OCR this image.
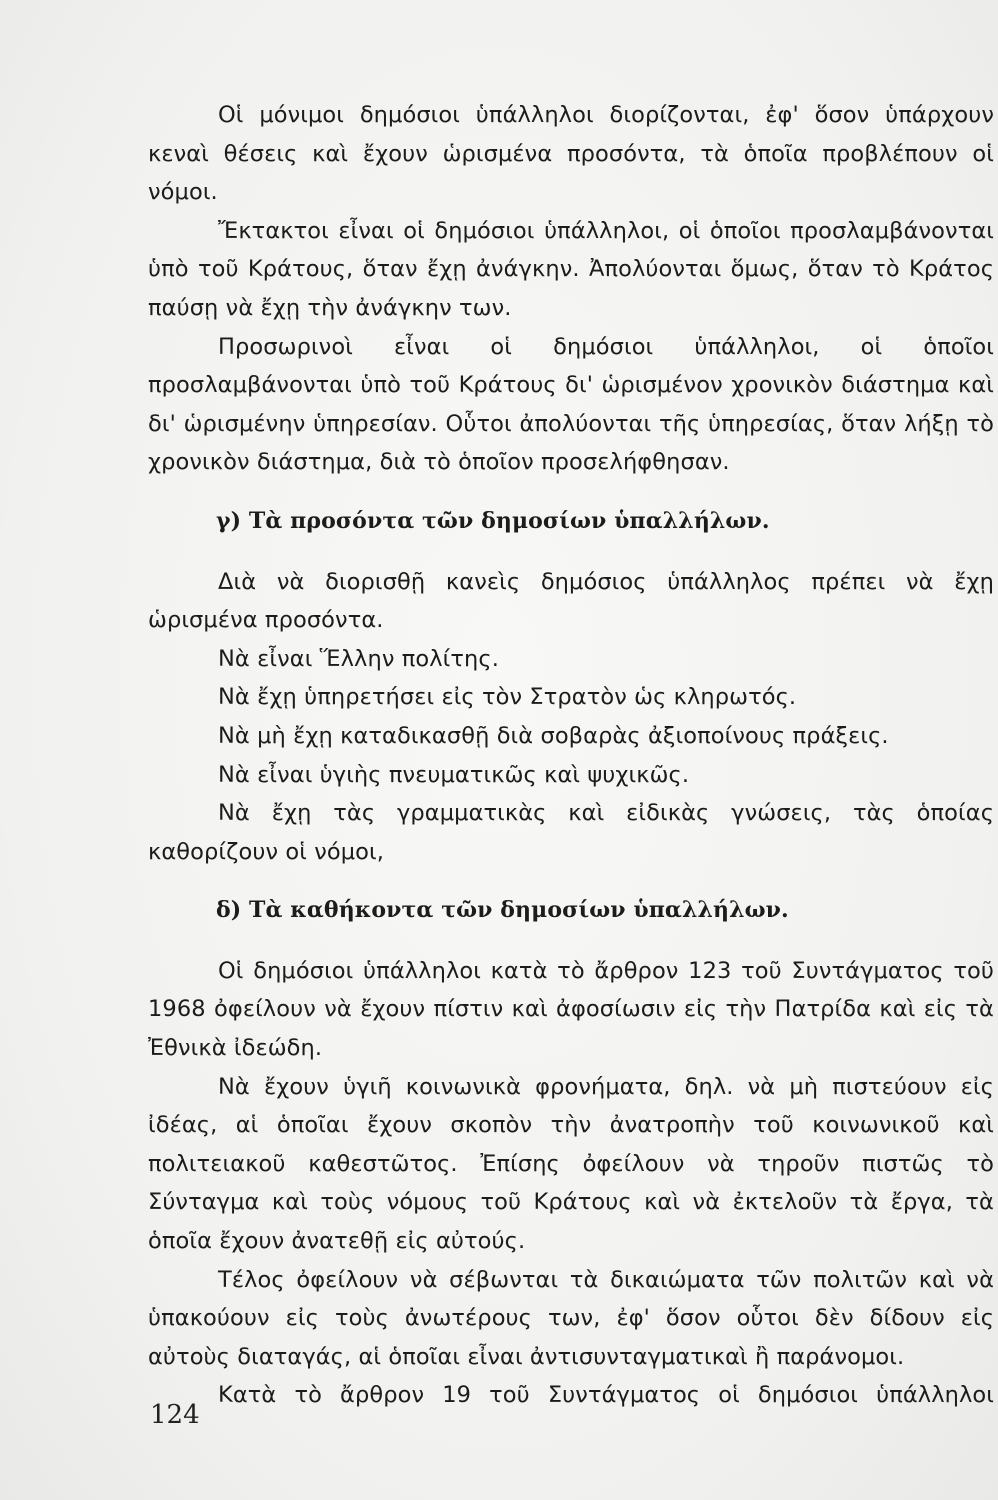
Οἱ μόνιμοι δημόσιοι ὑπάλληλοι διορίζονται, ἐφ' ὅσον ὑπάρχουν κεναὶ θέσεις καὶ ἔχουν ὡρισμένα προσόντα, τὰ ὁποῖα προβλέπουν οἱ νόμοι.

Ἔκτακτοι εἶναι οἱ δημόσιοι ὑπάλληλοι, οἱ ὁποῖοι προσλαμβάνονται ὑπὸ τοῦ Κράτους, ὅταν ἔχῃ ἀνάγκην. Ἀπολύονται ὅμως, ὅταν τὸ Κράτος παύσῃ νὰ ἔχῃ τὴν ἀνάγκην των.

Προσωρινοὶ εἶναι οἱ δημόσιοι ὑπάλληλοι, οἱ ὁποῖοι προσλαμβάνονται ὑπὸ τοῦ Κράτους δι' ὡρισμένον χρονικὸν διάστημα καὶ δι' ὡρισμένην ὑπηρεσίαν. Οὗτοι ἀπολύονται τῆς ὑπηρεσίας, ὅταν λήξῃ τὸ χρονικὸν διάστημα, διὰ τὸ ὁποῖον προσελήφθησαν.

γ) Τὰ προσόντα τῶν δημοσίων ὑπαλλήλων.

Διὰ νὰ διορισθῇ κανεὶς δημόσιος ὑπάλληλος πρέπει νὰ ἔχῃ ὡρισμένα προσόντα.

Νὰ εἶναι Ἕλλην πολίτης.

Νὰ ἔχῃ ὑπηρετήσει εἰς τὸν Στρατὸν ὡς κληρωτός.

Νὰ μὴ ἔχῃ καταδικασθῇ διὰ σοβαρὰς ἀξιοποίνους πράξεις.

Νὰ εἶναι ὑγιὴς πνευματικῶς καὶ ψυχικῶς.

Νὰ ἔχῃ τὰς γραμματικὰς καὶ εἰδικὰς γνώσεις, τὰς ὁποίας καθορίζουν οἱ νόμοι,

δ) Τὰ καθήκοντα τῶν δημοσίων ὑπαλλήλων.

Οἱ δημόσιοι ὑπάλληλοι κατὰ τὸ ἄρθρον 123 τοῦ Συντάγματος τοῦ 1968 ὀφείλουν νὰ ἔχουν πίστιν καὶ ἀφοσίωσιν εἰς τὴν Πατρίδα καὶ εἰς τὰ Ἐθνικὰ ἰδεώδη.

Νὰ ἔχουν ὑγιῆ κοινωνικὰ φρονήματα, δηλ. νὰ μὴ πιστεύουν εἰς ἰδέας, αἱ ὁποῖαι ἔχουν σκοπὸν τὴν ἀνατροπὴν τοῦ κοινωνικοῦ καὶ πολιτειακοῦ καθεστῶτος. Ἐπίσης ὀφείλουν νὰ τηροῦν πιστῶς τὸ Σύνταγμα καὶ τοὺς νόμους τοῦ Κράτους καὶ νὰ ἐκτελοῦν τὰ ἔργα, τὰ ὁποῖα ἔχουν ἀνατεθῇ εἰς αὐτούς.

Τέλος ὀφείλουν νὰ σέβωνται τὰ δικαιώματα τῶν πολιτῶν καὶ νὰ ὑπακούουν εἰς τοὺς ἀνωτέρους των, ἐφ' ὅσον οὗτοι δὲν δίδουν εἰς αὐτοὺς διαταγάς, αἱ ὁποῖαι εἶναι ἀντισυνταγματικαὶ ἢ παράνομοι.

Κατὰ τὸ ἄρθρον 19 τοῦ Συντάγματος οἱ δημόσιοι ὑπάλληλοι

124
